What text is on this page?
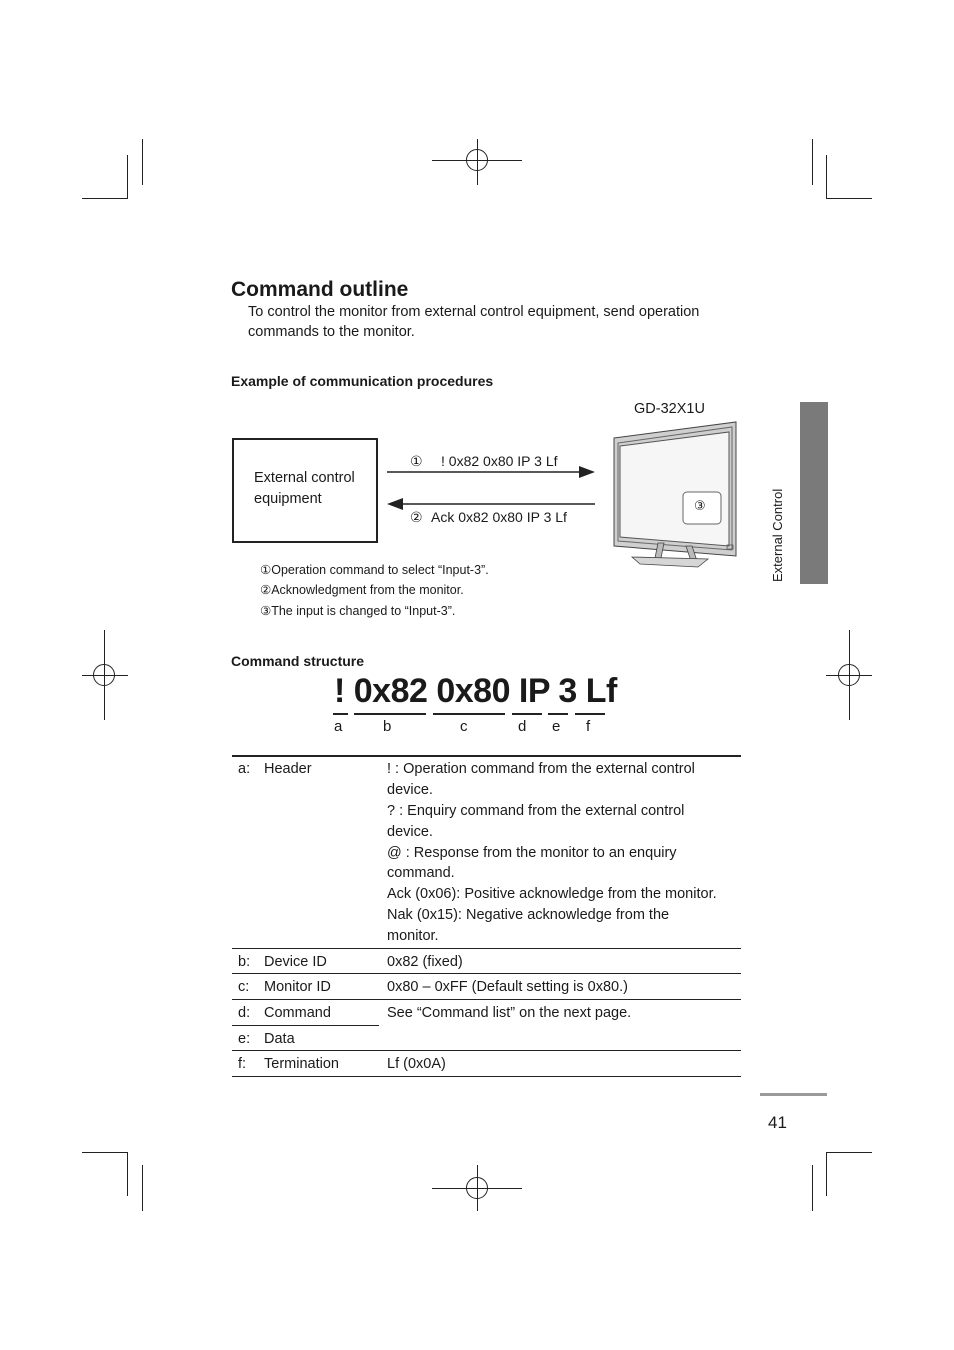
Command outline
To control the monitor from external control equipment, send operation
commands to the monitor.
Example of communication procedures
External control
equipment
① ! 0x82 0x80 IP 3 Lf
② Ack 0x82 0x80 IP 3 Lf
GD-32X1U
③
①Operation command to select “Input-3”.
②Acknowledgment from the monitor.
③The input is changed to “Input-3”.
Command structure
! 0x82 0x80 IP 3 Lf
a	b	c	d e f
a: Header	! : Operation command from the external control
device.
? : Enquiry command from the external control
device.
@ : Response from the monitor to an enquiry
command.
Ack (0x06): Positive acknowledge from the monitor.
Nak (0x15): Negative acknowledge from the
monitor.
b: Device ID	0x82 (fixed)
c: Monitor ID	0x80 – 0xFF (Default setting is 0x80.)
d: Command	See “Command list” on the next page.
e: Data
f: Termination	Lf (0x0A)
External Control
41
